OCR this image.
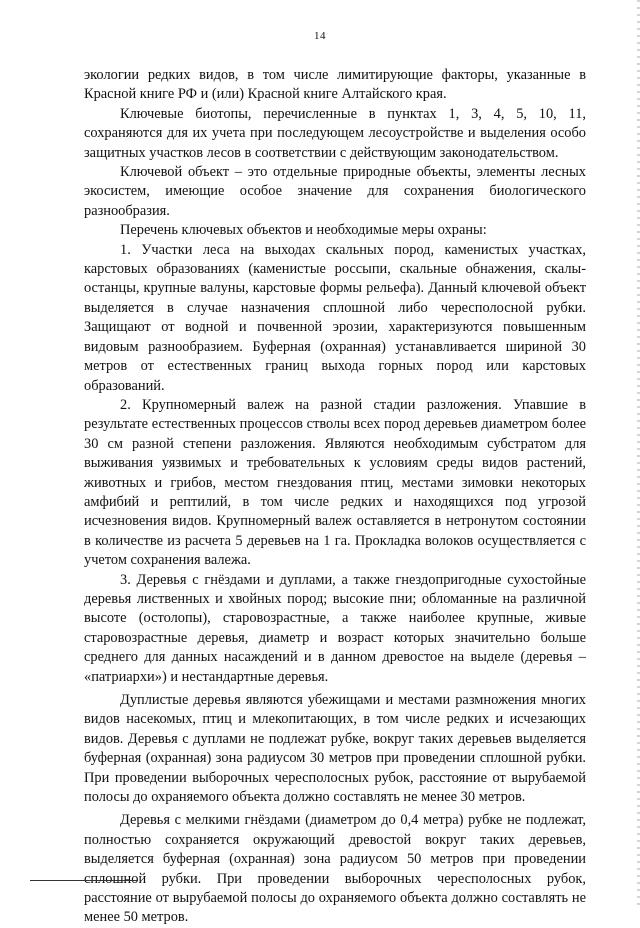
14

экологии редких видов, в том числе лимитирующие факторы, указанные в Красной книге РФ и (или) Красной книге Алтайского края.

Ключевые биотопы, перечисленные в пунктах 1, 3, 4, 5, 10, 11, сохраняются для их учета при последующем лесоустройстве и выделения особо защитных участков лесов в соответствии с действующим законодательством.

Ключевой объект – это отдельные природные объекты, элементы лесных экосистем, имеющие особое значение для сохранения биологического разнообразия.

Перечень ключевых объектов и необходимые меры охраны:

1. Участки леса на выходах скальных пород, каменистых участках, карстовых образованиях (каменистые россыпи, скальные обнажения, скалы-останцы, крупные валуны, карстовые формы рельефа). Данный ключевой объект выделяется в случае назначения сплошной либо чересполосной рубки. Защищают от водной и почвенной эрозии, характеризуются повышенным видовым разнообразием. Буферная (охранная) устанавливается шириной 30 метров от естественных границ выхода горных пород или карстовых образований.

2. Крупномерный валеж на разной стадии разложения. Упавшие в результате естественных процессов стволы всех пород деревьев диаметром более 30 см разной степени разложения. Являются необходимым субстратом для выживания уязвимых и требовательных к условиям среды видов растений, животных и грибов, местом гнездования птиц, местами зимовки некоторых амфибий и рептилий, в том числе редких и находящихся под угрозой исчезновения видов. Крупномерный валеж оставляется в нетронутом состоянии в количестве из расчета 5 деревьев на 1 га. Прокладка волоков осуществляется с учетом сохранения валежа.

3. Деревья с гнёздами и дуплами, а также гнездопригодные сухостойные деревья лиственных и хвойных пород; высокие пни; обломанные на различной высоте (остолопы), старовозрастные, а также наиболее крупные, живые старовозрастные деревья, диаметр и возраст которых значительно больше среднего для данных насаждений и в данном древостое на выделе (деревья – «патриархи») и нестандартные деревья.

Дуплистые деревья являются убежищами и местами размножения многих видов насекомых, птиц и млекопитающих, в том числе редких и исчезающих видов. Деревья с дуплами не подлежат рубке, вокруг таких деревьев выделяется буферная (охранная) зона радиусом 30 метров при проведении сплошной рубки. При проведении выборочных чересполосных рубок, расстояние от вырубаемой полосы до охраняемого объекта должно составлять не менее 30 метров.

Деревья с мелкими гнёздами (диаметром до 0,4 метра) рубке не подлежат, полностью сохраняется окружающий древостой вокруг таких деревьев, выделяется буферная (охранная) зона радиусом 50 метров при проведении сплошной рубки. При проведении выборочных чересполосных рубок, расстояние от вырубаемой полосы до охраняемого объекта должно составлять не менее 50 метров.
